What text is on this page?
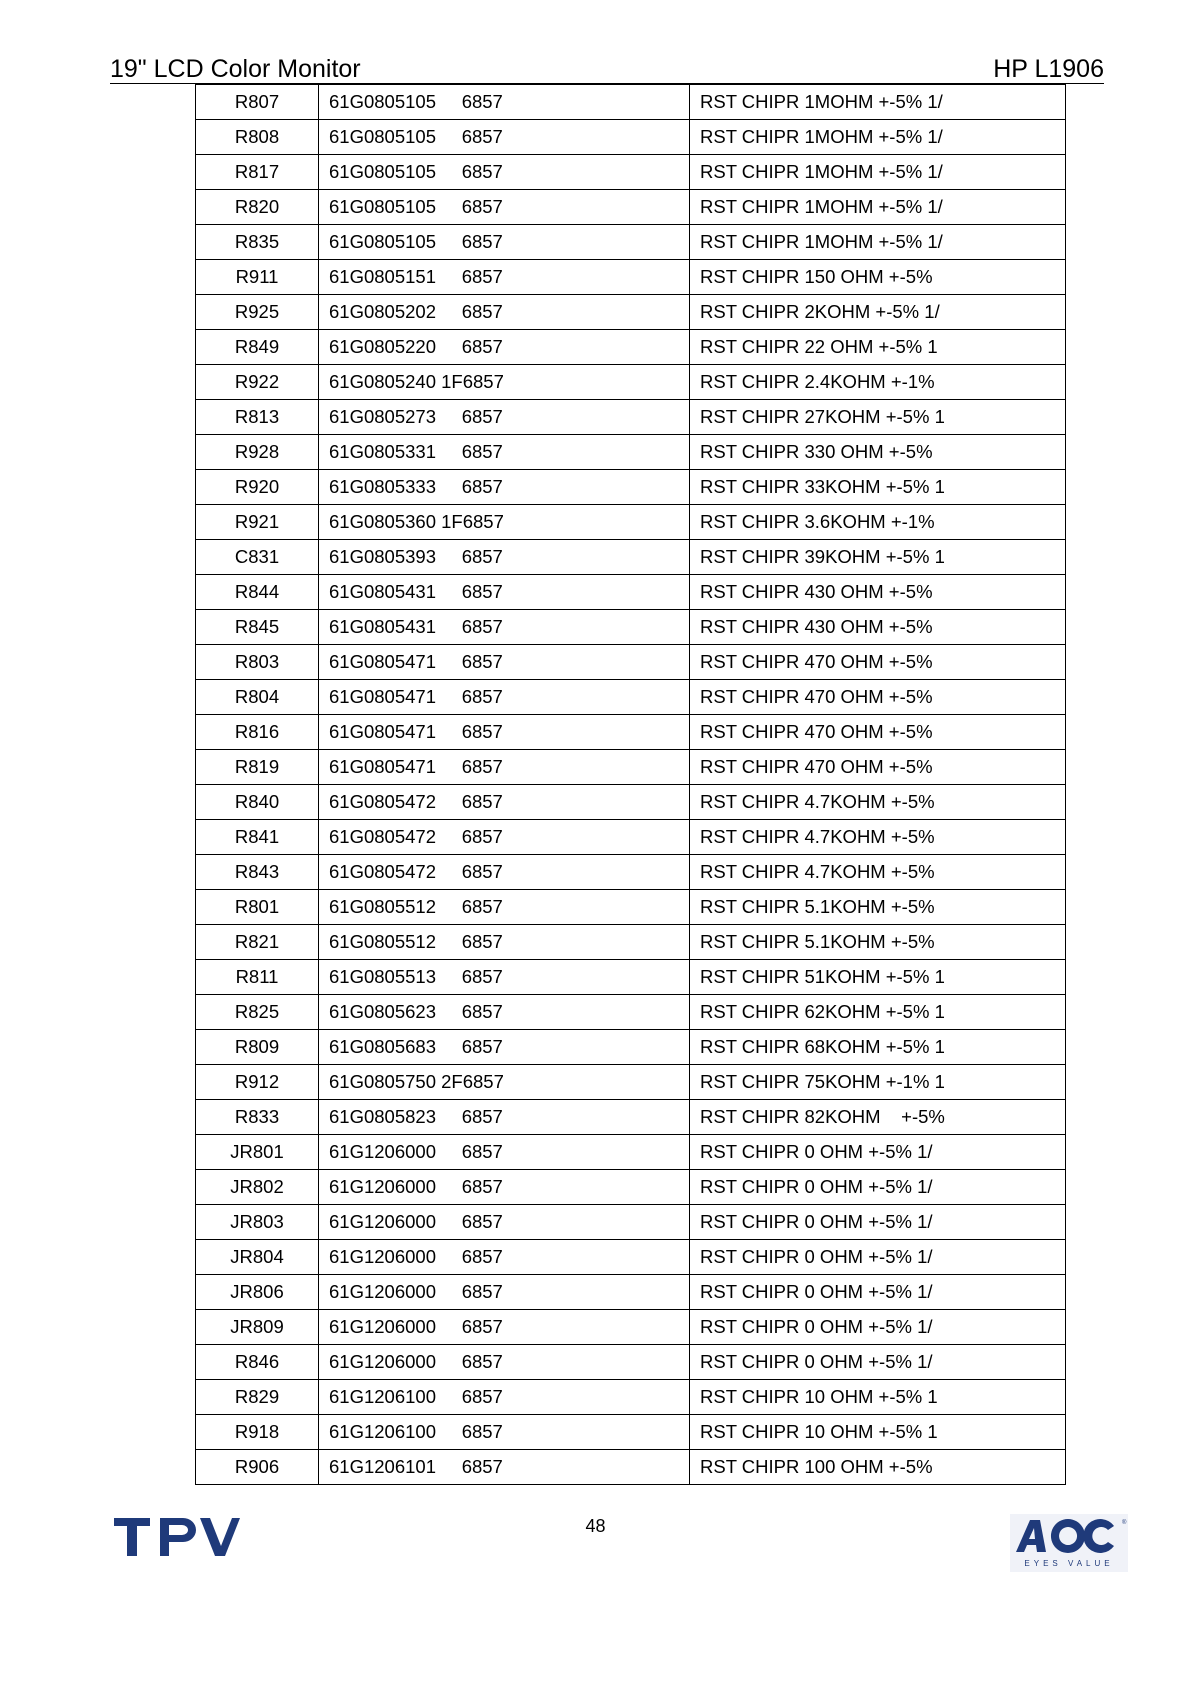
19" LCD Color Monitor	HP L1906
R807	61G0805105     6857	RST CHIPR 1MOHM +-5% 1/
R808	61G0805105     6857	RST CHIPR 1MOHM +-5% 1/
R817	61G0805105     6857	RST CHIPR 1MOHM +-5% 1/
R820	61G0805105     6857	RST CHIPR 1MOHM +-5% 1/
R835	61G0805105     6857	RST CHIPR 1MOHM +-5% 1/
R911	61G0805151     6857	RST CHIPR 150 OHM +-5%
R925	61G0805202     6857	RST CHIPR 2KOHM +-5% 1/
R849	61G0805220     6857	RST CHIPR 22 OHM +-5% 1
R922	61G0805240 1F6857	RST CHIPR 2.4KOHM +-1%
R813	61G0805273     6857	RST CHIPR 27KOHM +-5% 1
R928	61G0805331     6857	RST CHIPR 330 OHM +-5%
R920	61G0805333     6857	RST CHIPR 33KOHM +-5% 1
R921	61G0805360 1F6857	RST CHIPR 3.6KOHM +-1%
C831	61G0805393     6857	RST CHIPR 39KOHM +-5% 1
R844	61G0805431     6857	RST CHIPR 430 OHM +-5%
R845	61G0805431     6857	RST CHIPR 430 OHM +-5%
R803	61G0805471     6857	RST CHIPR 470 OHM +-5%
R804	61G0805471     6857	RST CHIPR 470 OHM +-5%
R816	61G0805471     6857	RST CHIPR 470 OHM +-5%
R819	61G0805471     6857	RST CHIPR 470 OHM +-5%
R840	61G0805472     6857	RST CHIPR 4.7KOHM +-5%
R841	61G0805472     6857	RST CHIPR 4.7KOHM +-5%
R843	61G0805472     6857	RST CHIPR 4.7KOHM +-5%
R801	61G0805512     6857	RST CHIPR 5.1KOHM +-5%
R821	61G0805512     6857	RST CHIPR 5.1KOHM +-5%
R811	61G0805513     6857	RST CHIPR 51KOHM +-5% 1
R825	61G0805623     6857	RST CHIPR 62KOHM +-5% 1
R809	61G0805683     6857	RST CHIPR 68KOHM +-5% 1
R912	61G0805750 2F6857	RST CHIPR 75KOHM +-1% 1
R833	61G0805823     6857	RST CHIPR 82KOHM    +-5%
JR801	61G1206000     6857	RST CHIPR 0 OHM +-5% 1/
JR802	61G1206000     6857	RST CHIPR 0 OHM +-5% 1/
JR803	61G1206000     6857	RST CHIPR 0 OHM +-5% 1/
JR804	61G1206000     6857	RST CHIPR 0 OHM +-5% 1/
JR806	61G1206000     6857	RST CHIPR 0 OHM +-5% 1/
JR809	61G1206000     6857	RST CHIPR 0 OHM +-5% 1/
R846	61G1206000     6857	RST CHIPR 0 OHM +-5% 1/
R829	61G1206100     6857	RST CHIPR 10 OHM +-5% 1
R918	61G1206100     6857	RST CHIPR 10 OHM +-5% 1
R906	61G1206101     6857	RST CHIPR 100 OHM +-5%
48
EYES VALUE
®
